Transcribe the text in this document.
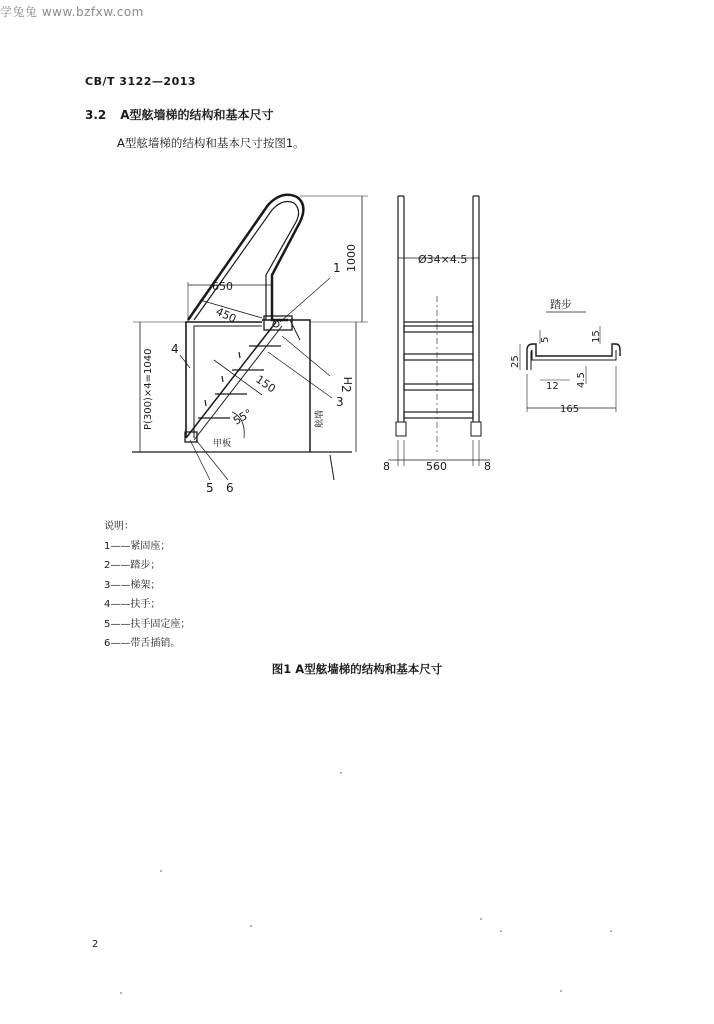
学兔兔 www.bzfxw.com
CB/T 3122—2013
3.2 A型舷墙梯的结构和基本尺寸
A型舷墙梯的结构和基本尺寸按图1。
650
450
150
1000
H
P(300)×4=1040	55°
甲板
舷墙
1
2
3
4
5 6
Ø34×4.5
8	560	8
踏步
5	15
25
12 4.5
165
说明：
1——紧固座；
2——踏步；
3——梯架；
4——扶手；
5——扶手固定座；
6——带舌插销。
图1 A型舷墙梯的结构和基本尺寸
2
